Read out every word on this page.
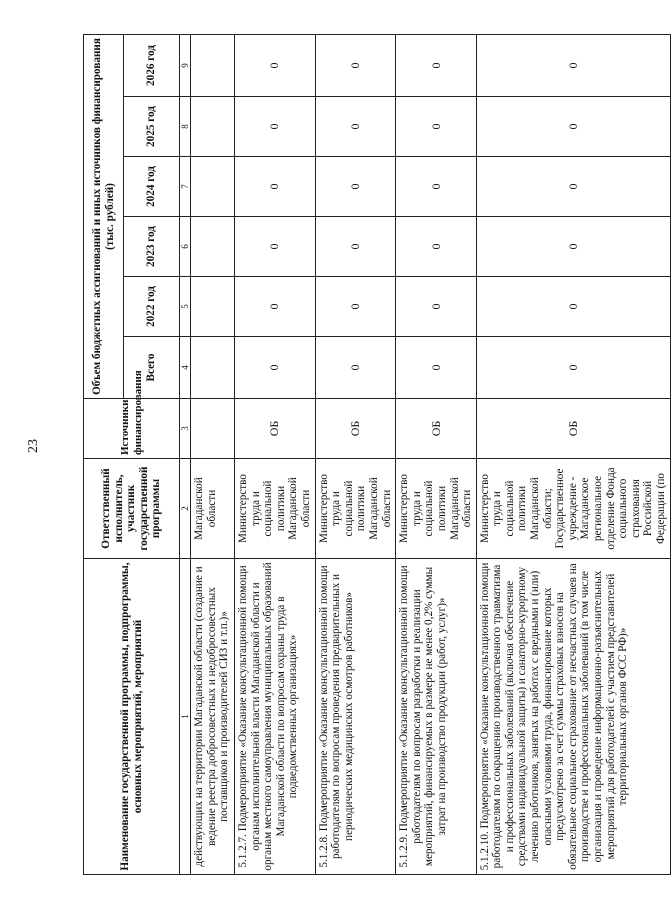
23
Наименование государственной программы, подпрограммы, основных мероприятий, мероприятий	Ответственный исполнитель, участник государственной программы	Источники финансирования	Объем бюджетных ассигнований и иных источников финансирования (тыс. рублей)					
			Всего	2022 год	2023 год	2024 год	2025 год	2026 год
1	2	3	4	5	6	7	8	9
действующих на территории Магаданской области (создание и ведение реестра добросовестных и недобросовестных поставщиков и производителей СИЗ и т.п.)»	Магаданской области							
5.1.2.7. Подмероприятие «Оказание консультационной помощи органам исполнительной власти Магаданской области и органам местного самоуправления муниципальных образований Магаданской области по вопросам охраны труда в подведомственных организациях»	Министерство труда и социальной политики Магаданской области	ОБ	0	0	0	0	0	0
5.1.2.8. Подмероприятие «Оказание консультационной помощи работодателям по вопросам проведения предварительных и периодических медицинских осмотров работников»	Министерство труда и социальной политики Магаданской области	ОБ	0	0	0	0	0	0
5.1.2.9. Подмероприятие «Оказание консультационной помощи работодателям по вопросам разработки и реализации мероприятий, финансируемых в размере не менее 0,2% суммы затрат на производство продукции (работ, услуг)»	Министерство труда и социальной политики Магаданской области	ОБ	0	0	0	0	0	0
5.1.2.10. Подмероприятие «Оказание консультационной помощи работодателям по сокращению производственного травматизма и профессиональных заболеваний (включая обеспечение средствами индивидуальной защиты) и санаторно-курортному лечению работников, занятых на работах с вредными и (или) опасными условиями труда, финансирование которых предусмотрено за счет суммы страховых взносов на обязательное социальное страхование от несчастных случаев на производстве и профессиональных заболеваний (в том числе организация и проведение информационно-разъяснительных мероприятий для работодателей с участием представителей территориальных органов ФСС РФ)»	Министерство труда и социальной политики Магаданской области; Государственное учреждение - Магаданское региональное отделение Фонда социального страхования Российской Федерации (по	ОБ	0	0	0	0	0	0
